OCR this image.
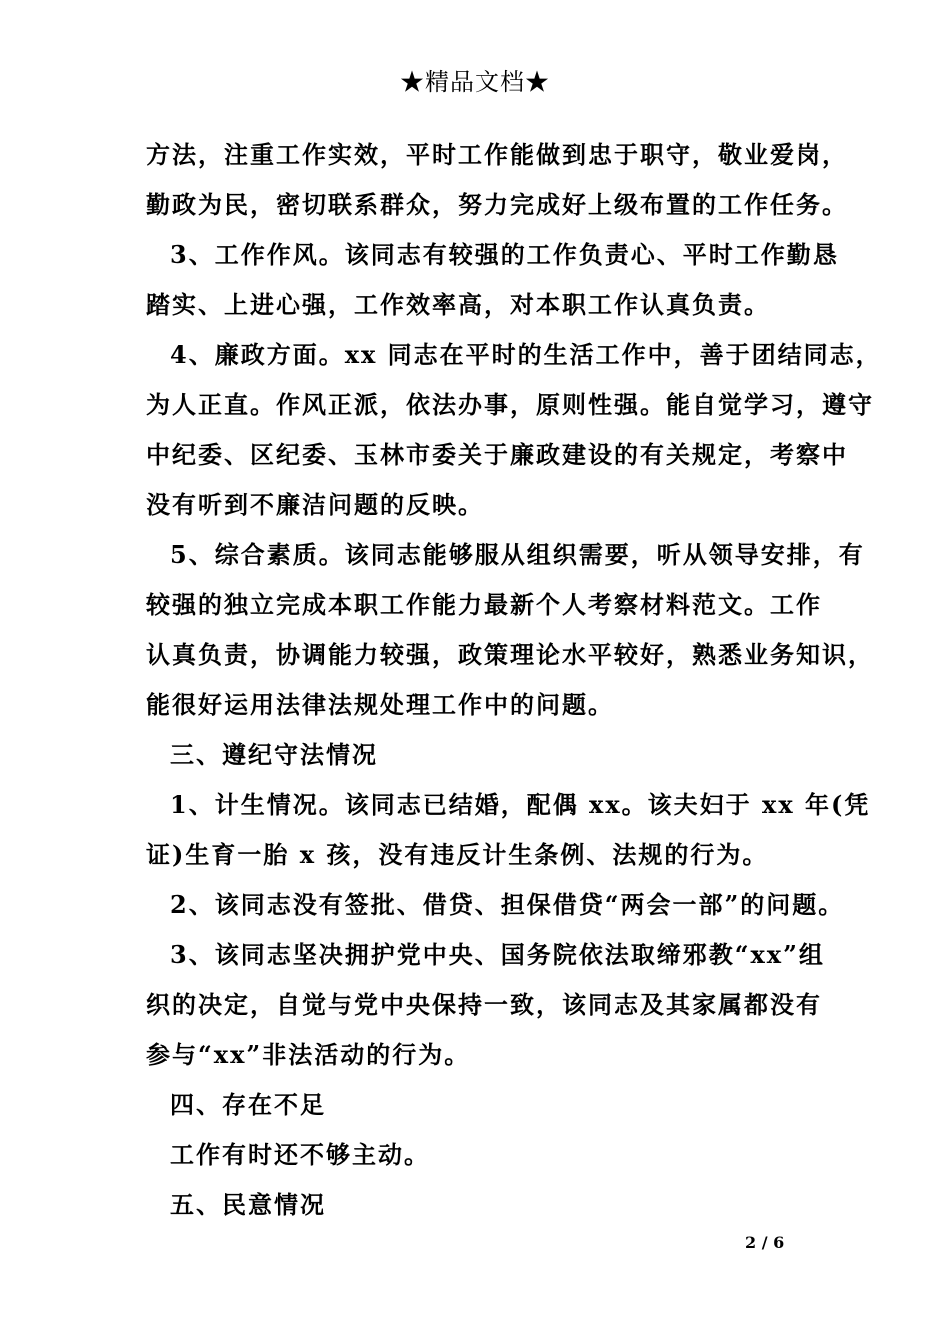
★精品文档★
方法，注重工作实效，平时工作能做到忠于职守，敬业爱岗，
勤政为民，密切联系群众，努力完成好上级布置的工作任务。
3、工作作风。该同志有较强的工作负责心、平时工作勤恳
踏实、上进心强，工作效率高，对本职工作认真负责。
4、廉政方面。xx 同志在平时的生活工作中，善于团结同志，
为人正直。作风正派，依法办事，原则性强。能自觉学习，遵守
中纪委、区纪委、玉林市委关于廉政建设的有关规定，考察中
没有听到不廉洁问题的反映。
5、综合素质。该同志能够服从组织需要，听从领导安排，有
较强的独立完成本职工作能力最新个人考察材料范文。工作
认真负责，协调能力较强，政策理论水平较好，熟悉业务知识，
能很好运用法律法规处理工作中的问题。
三、遵纪守法情况
1、计生情况。该同志已结婚，配偶 xx。该夫妇于 xx 年(凭
证)生育一胎 x 孩，没有违反计生条例、法规的行为。
2、该同志没有签批、借贷、担保借贷“两会一部”的问题。
3、该同志坚决拥护党中央、国务院依法取缔邪教“xx”组
织的决定，自觉与党中央保持一致，该同志及其家属都没有
参与“xx”非法活动的行为。
四、存在不足
工作有时还不够主动。
五、民意情况
2 / 6
